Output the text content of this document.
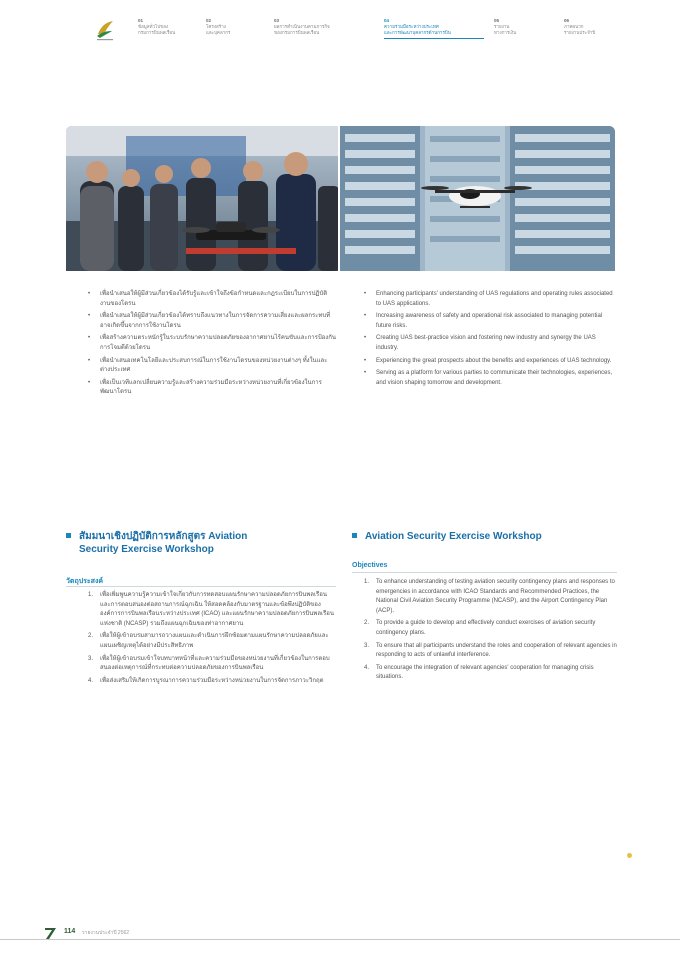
01
ข้อมูลทั่วไปของ
กรมการบินพลเรือน
02
โครงสร้าง
และบุคลากร
03
ผลการดำเนินงานตามภารกิจ
ของกรมการบินพลเรือน
04
ความร่วมมือระหว่างประเทศ
และการพัฒนาบุคลากรด้านการบิน
05
รายงาน
ทางการเงิน
06
ภาคผนวก
รายงานประจำปี
• เพื่อนำเสนอให้ผู้มีส่วนเกี่ยวข้องได้รับรู้และเข้าใจถึงข้อกำหนดและกฎระเบียบในการปฏิบัติงานของโดรน
• เพื่อนำเสนอให้ผู้มีส่วนเกี่ยวข้องได้ทราบถึงแนวทางในการจัดการความเสี่ยงและผลกระทบที่อาจเกิดขึ้นจากการใช้งานโดรน
• เพื่อสร้างความตระหนักรู้ในระบบรักษาความปลอดภัยของอากาศยานไร้คนขับและการป้องกันการโจมตีด้วยโดรน
• เพื่อนำเสนอเทคโนโลยีและประสบการณ์ในการใช้งานโดรนของหน่วยงานต่างๆ ทั้งในและต่างประเทศ
• เพื่อเป็นเวทีแลกเปลี่ยนความรู้และสร้างความร่วมมือระหว่างหน่วยงานที่เกี่ยวข้องในการพัฒนาโดรน
• Enhancing participants' understanding of UAS regulations and operating rules associated to UAS applications.
• Increasing awareness of safety and operational risk associated to managing potential future risks.
• Creating UAS best-practice vision and fostering new industry and synergy the UAS industry.
• Experiencing the great prospects about the benefits and experiences of UAS technology.
• Serving as a platform for various parties to communicate their technologies, experiences, and vision shaping tomorrow and development.
สัมมนาเชิงปฏิบัติการหลักสูตร Aviation
Security Exercise Workshop
วัตถุประสงค์
1. เพื่อเพิ่มพูนความรู้ความเข้าใจเกี่ยวกับการทดสอบแผนรักษาความปลอดภัยการบินพลเรือนและการตอบสนองต่อสถานการณ์ฉุกเฉิน ให้สอดคล้องกับมาตรฐานและข้อพึงปฏิบัติขององค์การการบินพลเรือนระหว่างประเทศ (ICAO) และแผนรักษาความปลอดภัยการบินพลเรือนแห่งชาติ (NCASP) รวมถึงแผนฉุกเฉินของท่าอากาศยาน
2. เพื่อให้ผู้เข้าอบรมสามารถวางแผนและดำเนินการฝึกซ้อมตามแผนรักษาความปลอดภัยและแผนเผชิญเหตุได้อย่างมีประสิทธิภาพ
3. เพื่อให้ผู้เข้าอบรมเข้าใจบทบาทหน้าที่และความร่วมมือของหน่วยงานที่เกี่ยวข้องในการตอบสนองต่อเหตุการณ์ที่กระทบต่อความปลอดภัยของการบินพลเรือน
4. เพื่อส่งเสริมให้เกิดการบูรณาการความร่วมมือระหว่างหน่วยงานในการจัดการภาวะวิกฤต
Aviation Security Exercise Workshop
Objectives
1. To enhance understanding of testing aviation security contingency plans and responses to emergencies in accordance with ICAO Standards and Recommended Practices, the National Civil Aviation Security Programme (NCASP), and the Airport Contingency Plan (ACP).
2. To provide a guide to develop and effectively conduct exercises of aviation security contingency plans.
3. To ensure that all participants understand the roles and cooperation of relevant agencies in responding to acts of unlawful interference.
4. To encourage the integration of relevant agencies' cooperation for managing crisis situations.
114 รายงานประจำปี 2562
